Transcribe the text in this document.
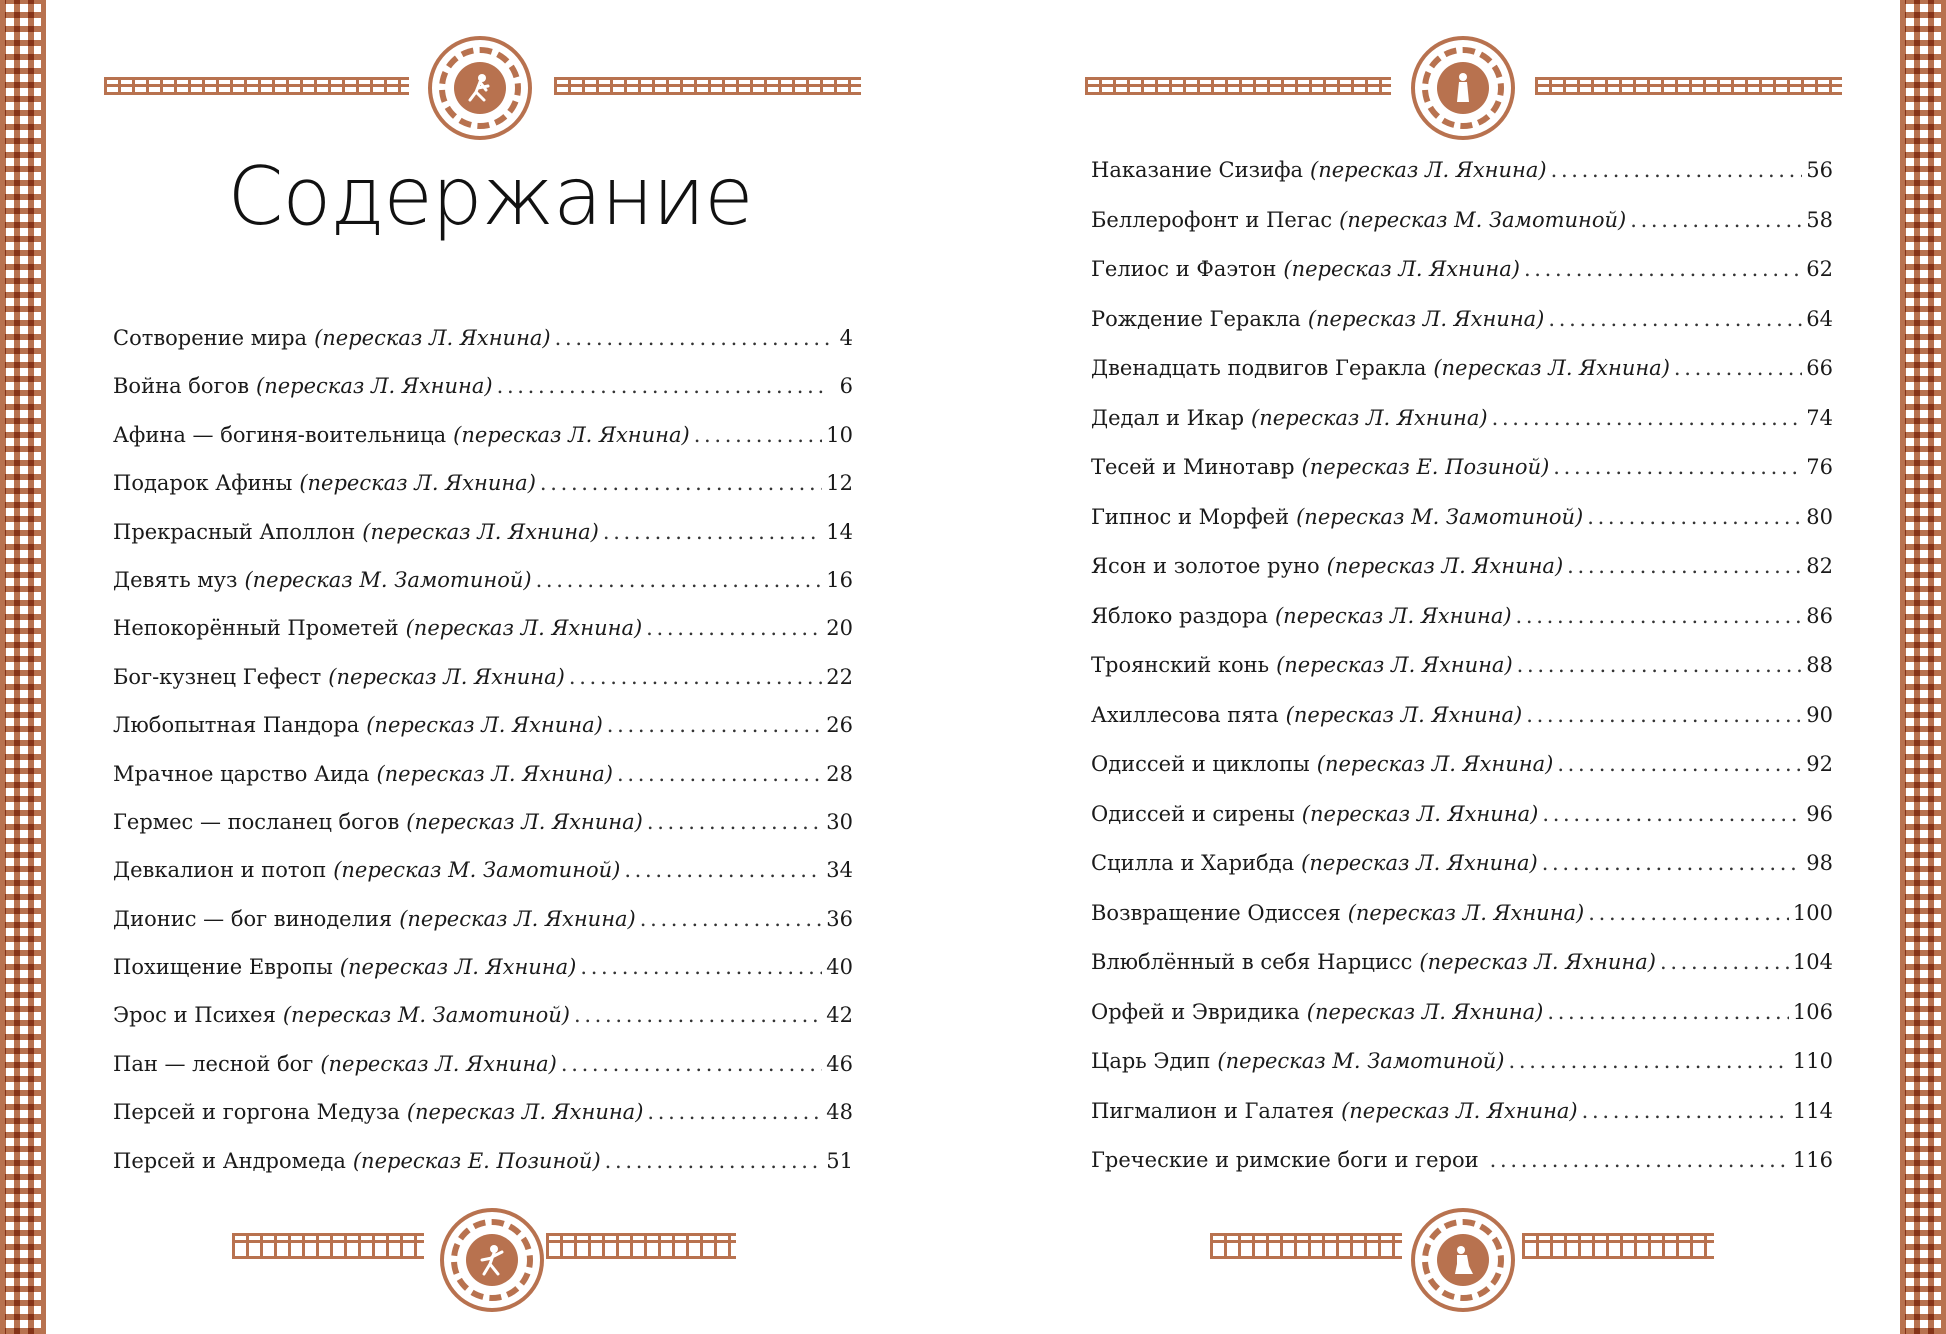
Содержание
Сотворение мира (пересказ Л. Яхнина) . . .	4
Война богов (пересказ Л. Яхнина) . . .	6
Афина — богиня-воительница (пересказ Л. Яхнина) . . .	10
Подарок Афины (пересказ Л. Яхнина) . . .	12
Прекрасный Аполлон (пересказ Л. Яхнина) . . .	14
Девять муз (пересказ М. Замотиной) . . .	16
Непокорённый Прометей (пересказ Л. Яхнина) . . .	20
Бог-кузнец Гефест (пересказ Л. Яхнина) . . .	22
Любопытная Пандора (пересказ Л. Яхнина) . . .	26
Мрачное царство Аида (пересказ Л. Яхнина) . . .	28
Гермес — посланец богов (пересказ Л. Яхнина) . . .	30
Девкалион и потоп (пересказ М. Замотиной) . . .	34
Дионис — бог виноделия (пересказ Л. Яхнина) . . .	36
Похищение Европы (пересказ Л. Яхнина) . . .	40
Эрос и Психея (пересказ М. Замотиной) . . .	42
Пан — лесной бог (пересказ Л. Яхнина) . . .	46
Персей и горгона Медуза (пересказ Л. Яхнина) . . .	48
Персей и Андромеда (пересказ Е. Позиной) . . .	51
Наказание Сизифа (пересказ Л. Яхнина) . . .	56
Беллерофонт и Пегас (пересказ М. Замотиной) . . .	58
Гелиос и Фаэтон (пересказ Л. Яхнина) . . .	62
Рождение Геракла (пересказ Л. Яхнина) . . .	64
Двенадцать подвигов Геракла (пересказ Л. Яхнина) . . .	66
Дедал и Икар (пересказ Л. Яхнина) . . .	74
Тесей и Минотавр (пересказ Е. Позиной) . . .	76
Гипнос и Морфей (пересказ М. Замотиной) . . .	80
Ясон и золотое руно (пересказ Л. Яхнина) . . .	82
Яблоко раздора (пересказ Л. Яхнина) . . .	86
Троянский конь (пересказ Л. Яхнина) . . .	88
Ахиллесова пята (пересказ Л. Яхнина) . . .	90
Одиссей и циклопы (пересказ Л. Яхнина) . . .	92
Одиссей и сирены (пересказ Л. Яхнина) . . .	96
Сцилла и Харибда (пересказ Л. Яхнина) . . .	98
Возвращение Одиссея (пересказ Л. Яхнина) . . .	100
Влюблённый в себя Нарцисс (пересказ Л. Яхнина) . . .	104
Орфей и Эвридика (пересказ Л. Яхнина) . . .	106
Царь Эдип (пересказ М. Замотиной) . . .	110
Пигмалион и Галатея (пересказ Л. Яхнина) . . .	114
Греческие и римские боги и герои . . .	116
